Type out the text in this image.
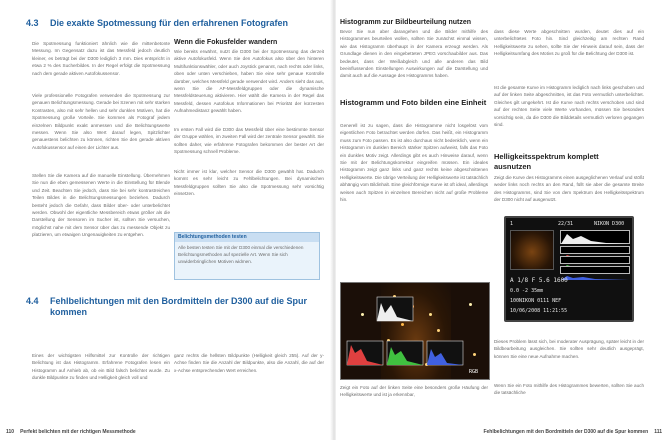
4.3 Die exakte Spotmessung für den erfahrenen Fotografen
Die Spotmessung funktioniert ähnlich wie die mittenbetonte Messung. Im Gegensatz dazu ist das Messfeld jedoch deutlich kleiner, es beträgt bei der D300 lediglich 3 mm. Dies entspricht in etwa 2 % des Sucherbildes. In der Regel erfolgt die Spotmessung nach dem gerade aktiven Autofokussensor.
Viele professionelle Fotografen verwenden die Spotmessung zur genauen Belichtungsmessung. Gerade bei Szenen mit sehr starken Kontrasten, also mit sehr hellen und sehr dunklen Motiven, hat die Spotmessung große Vorteile. Sie kommen als Fotograf jedem einzelnen Bildpunkt exakt anmessen und die Belichtungswerte messen. Wenn Sie also Wert darauf legen, Spitzlichter genauestens belichten zu können, richten Sie den gerade aktiven Autofokussensor auf einen der Lichter aus.
Stellen Sie die Kamera auf die manuelle Einstellung. Übernehmen Sie nun die eben gemessenen Werte in die Einstellung für Blende und Zeit. Beachten Sie jedoch, dass Sie bei sehr kontrastreichen Teilen Bildes in die Belichtungsmessungen beziehen. Dadurch besteht jedoch die Gefahr, dass Bilder über- oder unterbelichtet werden. Obwohl der eigentliche Messbereich etwas größer als die Darstellung der Sensoren im Sucher ist, sollten Sie versuchen, möglichst nahe mit dem Sensor über das zu messende Objekt zu platzieren, um etwaigen Ungenauigkeiten zu entgehen.
Wenn die Fokusfelder wandern
Wie bereits erwähnt, nutzt die D300 bei der Spotmessung das derzeit aktive Autofokusfeld. Wenn Sie den Autofokus also über den hinteren Multifunktionswähler, oder auch Joystick genannt, nach rechts oder links, oben oder unten verschieben, haben Sie eine sehr genaue Kontrolle darüber, welches Messfeld gerade verwendet wird. Anders sieht das aus, wenn Sie die AF-Messfeldgruppen oder die dynamische Messfeldsteuerung aktivieren. Hier wählt die Kamera in der Regel das Messfeld, dessen Autofokus Informationen bei Priorität der kürzesten Aufnahmedistanz gewählt haben.
Im ersten Fall wird die D300 das Messfeld über eine bestimmte Sensor der Gruppe wählen, im zweiten Fall wird der zentrale Sensor gewählt. Sie sollten daher, wie erfahrene Fotografen bekommen der bester Art der Spotmessung schnell Probleme.
Nicht immer ist klar, welcher Sensor die D300 gewählt hat. Dadurch kommt es sehr leicht zu Fehlbelichtungen. Bei dynamischen Messfeldgruppen sollten Sie also die Spotmessung sehr vorsichtig einsetzen.
Belichtungsmethoden testen
Alle besten testen Sie mit der D300 einmal die verschiedenen Belichtungsmethoden auf spezielle Art. Wenn Sie sich unwiderbringlichen Motiven widmen.
4.4	Fehlbelichtungen mit den Bordmitteln der D300 auf die Spur kommen
Eines der wichtigsten Hilfsmittel zur Kontrolle der richtigen Belichtung ist das Histogramm. Erfahrene Fotografen lesen ein Histogramm auf Anhieb ab, ob ein Bild falsch belichtet wurde. Zu dunkle Bildpunkte zu finden und Helligkeit gleich voll und
ganz rechts die hellsten Bildpunkte (Helligkeit gleich 255). Auf der y-Achse finden Sie die Anzahl der Bildpunkte, also die Anzahl, die auf der x-Achse entsprechenden Wert erreichen.
110 Perfekt belichten mit der richtigen Messmethode
Histogramm zur Bildbeurteilung nutzen
Bevor Sie nun aber darangehen und die Bilder mithilfe des Histogrammes beurteilen wollen, sollten Sie zunächst einmal wissen, wie das Histogramm überhaupt in der Kamera erzeugt werden. Als Grundlage dienen in den eingebetteten JPEG vorschaubilder aus. Das bedeutet, dass der Weißabgleich und alle anderen das Bild beeinflussenden Einstellungen Auswirkungen auf die Darstellung und damit auch auf die Aussage des Histogramms haben.
Histogramm und Foto bilden eine Einheit
Generell ist zu sagen, dass die Histogramme nicht losgelöst vom eigentlichen Foto betrachtet werden dürfen. Das heißt, ein Histogramm muss zum Foto passen. Es ist also durchaus nicht bedenklich, wenn ein Histogramm im dunklen Bereich stärker Spitzen aufweist, falls das Foto ein dunkles Motiv zeigt. Allerdings gibt es auch Hinweise darauf, wenn Sie mit der Belichtungskorrektur eingreifen müssen. Ein ideales Histogramm zeigt ganz links und ganz rechts keine abgeschnittenen Helligkeitswerte. Die übrige Verteilung der Helligkeitswerte ist tatsächlich abhängig vom Bildinhalt. Eine gleichförmige Kurve ist oft ideal, allerdings weisen auch Spitzen in einzelnen Bereichen nicht auf große Probleme hin.
RGB
Zeigt ein Foto auf der linken Seite eine besonders große Häufung der Helligkeitswerte und ist ja erkennbar,
dass diese Werte abgeschnitten wurden, deutet dies auf ein unterbelichtetes Foto hin. Sind gleichzeitig am rechten Rand Helligkeitswerte zu sehen, sollte Sie der Hinweis darauf sein, dass der Helligkeitsumfang des Motivs zu groß für die Belichtung der D300 ist.
Ist die gesamte Kurve im Histogramm lediglich nach links geschoben und auf der linken Seite abgeschnitten, ist das Foto vermutlich unterbelichtet. Gleiches gilt umgekehrt. Ist die Kurve nach rechts verschoben und sind auf der rechten Seite viele Werte vorhanden, müssen Sie besonders vorsichtig sein, da die D300 die Bilddetails vermutlich verloren gegangen sind.
Helligkeitsspektrum komplett ausnutzen
Zeigt die Kurve des Histogramms einen ausgeglichenen Verlauf und stößt weder links noch rechts an den Rand, füllt sie aber die gesamte Breite des Histogramms, sind Sie von dem Spektrum des Helligkeitsspektrum der D300 nicht auf ausgenutzt.
1	22/31	NIKON D300
A 1/8 F 5.6 1600
0.0 -2 35mm
100NIKON 0111 NEF
10/06/2008 11:21:55
Dieses Problem lässt sich, bei moderater Ausprägung, später leicht in der Bildbearbeitung ausgleichen. Sie sollten sehr deutlich ausgeprägt, können Sie eine neue Aufnahme machen.
Wenn Sie ein Foto mithilfe des Histogrammes bewerten, sollten Sie auch die tatsächliche
Fehlbelichtungen mit den Bordmitteln der D300 auf die Spur kommen 111
